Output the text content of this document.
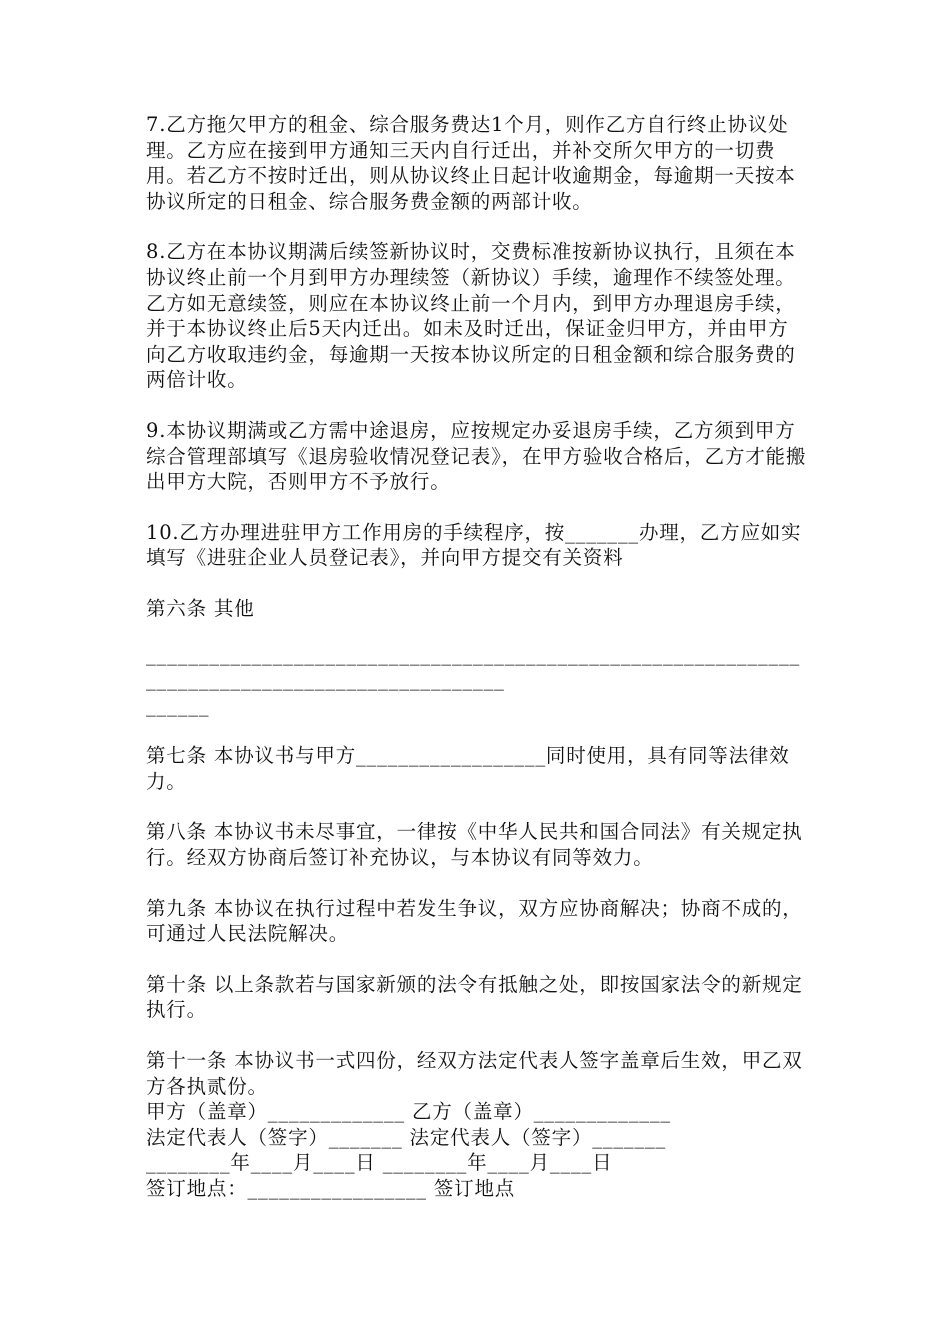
7.乙方拖欠甲方的租金、综合服务费达1个月，则作乙方自行终止协议处理。乙方应在接到甲方通知三天内自行迁出，并补交所欠甲方的一切费用。若乙方不按时迁出，则从协议终止日起计收逾期金，每逾期一天按本协议所定的日租金、综合服务费金额的两部计收。

8.乙方在本协议期满后续签新协议时，交费标准按新协议执行，且须在本协议终止前一个月到甲方办理续签（新协议）手续，逾理作不续签处理。乙方如无意续签，则应在本协议终止前一个月内，到甲方办理退房手续，并于本协议终止后5天内迁出。如未及时迁出，保证金归甲方，并由甲方向乙方收取违约金，每逾期一天按本协议所定的日租金额和综合服务费的两倍计收。

9.本协议期满或乙方需中途退房，应按规定办妥退房手续，乙方须到甲方综合管理部填写《退房验收情况登记表》，在甲方验收合格后，乙方才能搬出甲方大院，否则甲方不予放行。

10.乙方办理进驻甲方工作用房的手续程序，按_______办理，乙方应如实填写《进驻企业人员登记表》，并向甲方提交有关资料

第六条 其他

________________________________________________________________________________________________

______

第七条 本协议书与甲方__________________同时使用，具有同等法律效力。

第八条 本协议书未尽事宜，一律按《中华人民共和国合同法》有关规定执行。经双方协商后签订补充协议，与本协议有同等效力。

第九条 本协议在执行过程中若发生争议，双方应协商解决；协商不成的，可通过人民法院解决。

第十条 以上条款若与国家新颁的法令有抵触之处，即按国家法令的新规定执行。

第十一条 本协议书一式四份，经双方法定代表人签字盖章后生效，甲乙双方各执贰份。

甲方（盖章）_____________ 乙方（盖章）_____________

法定代表人（签字）_______ 法定代表人（签字）_______

________年____月____日 ________年____月____日

签订地点：_________________ 签订地点
